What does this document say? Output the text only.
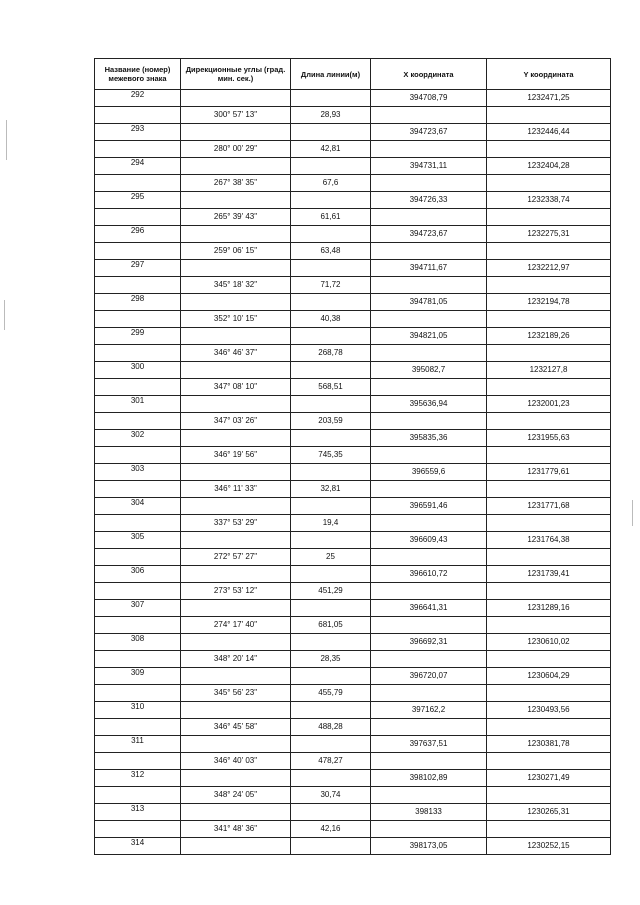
Название (номер) межевого знака	Дирекционные углы (град. мин. сек.)	Длина линии(м)	X координата	Y координата
292			394708,79	1232471,25
	300° 57' 13"	28,93		
293			394723,67	1232446,44
	280° 00' 29"	42,81		
294			394731,11	1232404,28
	267° 38' 35"	67,6		
295			394726,33	1232338,74
	265° 39' 43"	61,61		
296			394723,67	1232275,31
	259° 06' 15"	63,48		
297			394711,67	1232212,97
	345° 18' 32"	71,72		
298			394781,05	1232194,78
	352° 10' 15"	40,38		
299			394821,05	1232189,26
	346° 46' 37"	268,78		
300			395082,7	1232127,8
	347° 08' 10"	568,51		
301			395636,94	1232001,23
	347° 03' 26"	203,59		
302			395835,36	1231955,63
	346° 19' 56"	745,35		
303			396559,6	1231779,61
	346° 11' 33"	32,81		
304			396591,46	1231771,68
	337° 53' 29"	19,4		
305			396609,43	1231764,38
	272° 57' 27"	25		
306			396610,72	1231739,41
	273° 53' 12"	451,29		
307			396641,31	1231289,16
	274° 17' 40"	681,05		
308			396692,31	1230610,02
	348° 20' 14"	28,35		
309			396720,07	1230604,29
	345° 56' 23"	455,79		
310			397162,2	1230493,56
	346° 45' 58"	488,28		
311			397637,51	1230381,78
	346° 40' 03"	478,27		
312			398102,89	1230271,49
	348° 24' 05"	30,74		
313			398133	1230265,31
	341° 48' 36"	42,16		
314			398173,05	1230252,15
